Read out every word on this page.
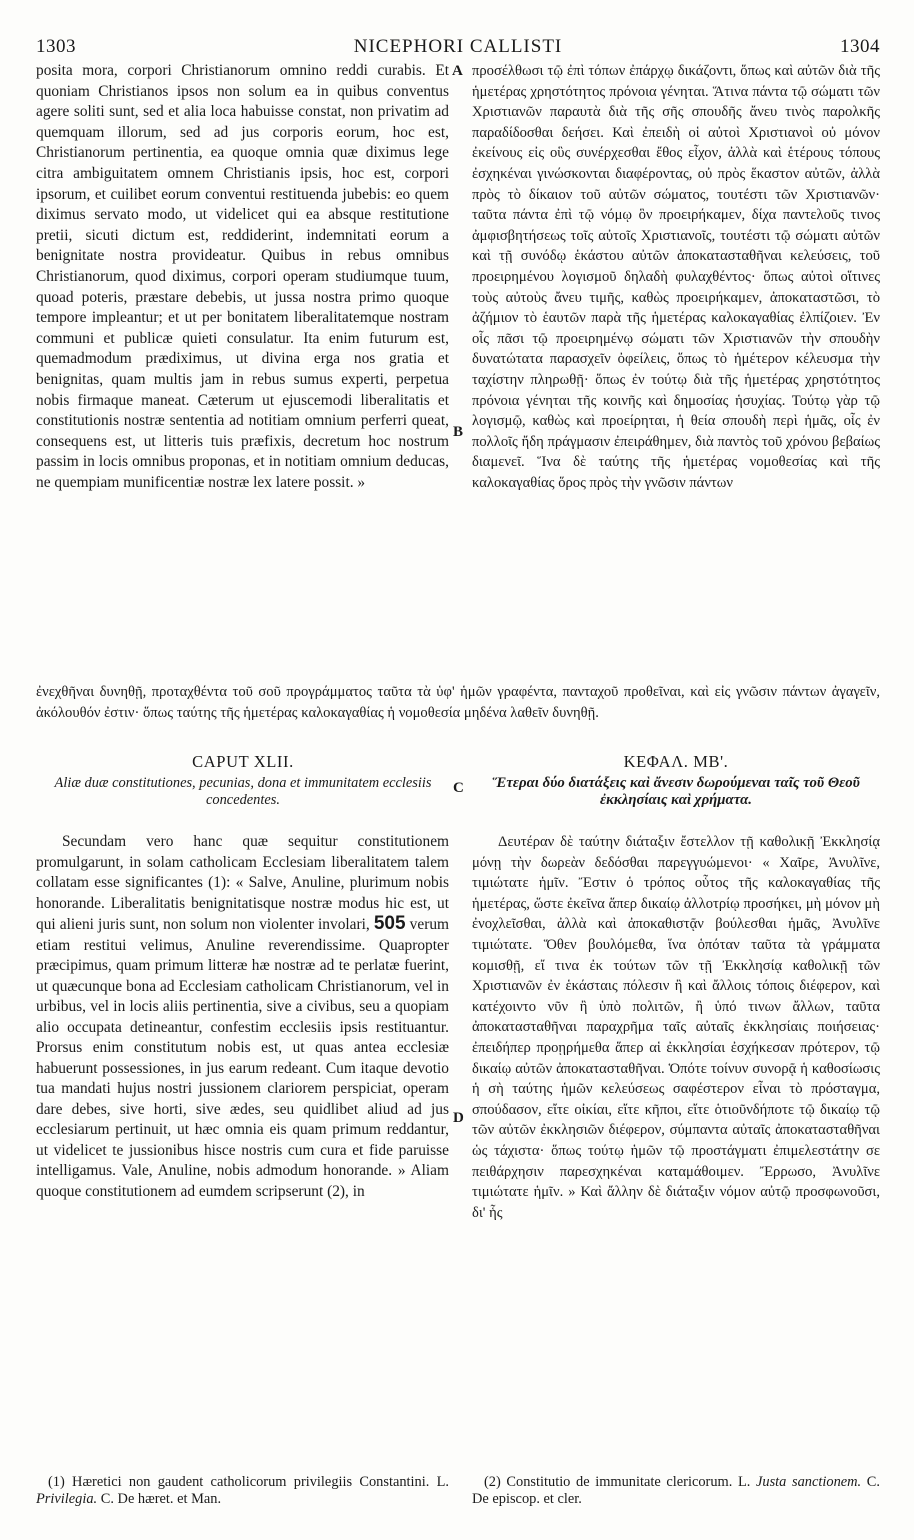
1303	NICEPHORI CALLISTI	1304

posita mora, corpori Christianorum omnino reddi curabis. Et quoniam Christianos ipsos non solum ea in quibus conventus agere soliti sunt, sed et alia loca habuisse constat, non privatim ad quemquam illorum, sed ad jus corporis eorum, hoc est, Christianorum pertinentia, ea quoque omnia quæ diximus lege citra ambiguitatem omnem Christianis ipsis, hoc est, corpori ipsorum, et cuilibet eorum conventui restituenda jubebis: eo quem diximus servato modo, ut videlicet qui ea absque restitutione pretii, sicuti dictum est, reddiderint, indemnitati eorum a benignitate nostra provideatur. Quibus in rebus omnibus Christianorum, quod diximus, corpori operam studiumque tuum, quoad poteris, præstare debebis, ut jussa nostra primo quoque tempore impleantur; et ut per bonitatem liberalitatemque nostram communi et publicæ quieti consulatur. Ita enim futurum est, quemadmodum prædiximus, ut divina erga nos gratia et benignitas, quam multis jam in rebus sumus experti, perpetua nobis firmaque maneat. Cæterum ut ejuscemodi liberalitatis et constitutionis nostræ sententia ad notitiam omnium perferri queat, consequens est, ut litteris tuis præfixis, decretum hoc nostrum passim in locis omnibus proponas, et in notitiam omnium deducas, ne quempiam munificentiæ nostræ lex latere possit. »

A
B
C
D

προσέλθωσι τῷ ἐπὶ τόπων ἐπάρχῳ δικάζοντι, ὅπως καὶ αὐτῶν διὰ τῆς ἡμετέρας χρηστότητος πρόνοια γένηται. Ἅτινα πάντα τῷ σώματι τῶν Χριστιανῶν παραυτὰ διὰ τῆς σῆς σπουδῆς ἄνευ τινὸς παρολκῆς παραδίδοσθαι δεήσει. Καὶ ἐπειδὴ οἱ αὐτοὶ Χριστιανοὶ οὐ μόνον ἐκείνους εἰς οὓς συνέρχεσθαι ἔθος εἶχον, ἀλλὰ καὶ ἑτέρους τόπους ἐσχηκέναι γινώσκονται διαφέροντας, οὐ πρὸς ἕκαστον αὐτῶν, ἀλλὰ πρὸς τὸ δίκαιον τοῦ αὐτῶν σώματος, τουτέστι τῶν Χριστιανῶν· ταῦτα πάντα ἐπὶ τῷ νόμῳ ὃν προειρήκαμεν, δίχα παντελοῦς τινος ἀμφισβητήσεως τοῖς αὐτοῖς Χριστιανοῖς, τουτέστι τῷ σώματι αὐτῶν καὶ τῇ συνόδῳ ἑκάστου αὐτῶν ἀποκατασταθῆναι κελεύσεις, τοῦ προειρημένου λογισμοῦ δηλαδὴ φυλαχθέντος· ὅπως αὐτοὶ οἵτινες τοὺς αὐτοὺς ἄνευ τιμῆς, καθὼς προειρήκαμεν, ἀποκαταστῶσι, τὸ ἀζήμιον τὸ ἑαυτῶν παρὰ τῆς ἡμετέρας καλοκαγαθίας ἐλπίζοιεν. Ἐν οἷς πᾶσι τῷ προειρημένῳ σώματι τῶν Χριστιανῶν τὴν σπουδὴν δυνατώτατα παρασχεῖν ὀφείλεις, ὅπως τὸ ἡμέτερον κέλευσμα τὴν ταχίστην πληρωθῇ· ὅπως ἐν τούτῳ διὰ τῆς ἡμετέρας χρηστότητος πρόνοια γένηται τῆς κοινῆς καὶ δημοσίας ἡσυχίας. Τούτῳ γὰρ τῷ λογισμῷ, καθὼς καὶ προείρηται, ἡ θεία σπουδὴ περὶ ἡμᾶς, οἷς ἐν πολλοῖς ἤδη πράγμασιν ἐπειράθημεν, διὰ παντὸς τοῦ χρόνου βεβαίως διαμενεῖ. Ἵνα δὲ ταύτης τῆς ἡμετέρας νομοθεσίας καὶ τῆς καλοκαγαθίας ὅρος πρὸς τὴν γνῶσιν πάντων

ἐνεχθῆναι δυνηθῇ, προταχθέντα τοῦ σοῦ προγράμματος ταῦτα τὰ ὑφ' ἡμῶν γραφέντα, πανταχοῦ προθεῖναι, καὶ εἰς γνῶσιν πάντων ἀγαγεῖν, ἀκόλουθόν ἐστιν· ὅπως ταύτης τῆς ἡμετέρας καλοκαγαθίας ἡ νομοθεσία μηδένα λαθεῖν δυνηθῇ.

CAPUT XLII.
Aliæ duæ constitutiones, pecunias, dona et immunitatem ecclesiis concedentes.
ΚΕΦΑΛ. ΜΒ'.
Ἕτεραι δύο διατάξεις καὶ ἄνεσιν δωρούμεναι ταῖς τοῦ Θεοῦ ἐκκλησίαις καὶ χρήματα.

Secundam vero hanc quæ sequitur constitutionem promulgarunt, in solam catholicam Ecclesiam liberalitatem talem collatam esse significantes (1): « Salve, Anuline, plurimum nobis honorande. Liberalitatis benignitatisque nostræ modus hic est, ut qui alieni juris sunt, non solum non violenter involari, 505 verum etiam restitui velimus, Anuline reverendissime. Quapropter præcipimus, quam primum litteræ hæ nostræ ad te perlatæ fuerint, ut quæcunque bona ad Ecclesiam catholicam Christianorum, vel in urbibus, vel in locis aliis pertinentia, sive a civibus, seu a quopiam alio occupata detineantur, confestim ecclesiis ipsis restituantur. Prorsus enim constitutum nobis est, ut quas antea ecclesiæ habuerunt possessiones, in jus earum redeant. Cum itaque devotio tua mandati hujus nostri jussionem clariorem perspiciat, operam dare debes, sive horti, sive ædes, seu quidlibet aliud ad jus ecclesiarum pertinuit, ut hæc omnia eis quam primum reddantur, ut videlicet te jussionibus hisce nostris cum cura et fide paruisse intelligamus. Vale, Anuline, nobis admodum honorande. » Aliam quoque constitutionem ad eumdem scripserunt (2), in

Δευτέραν δὲ ταύτην διάταξιν ἔστελλον τῇ καθολικῇ Ἐκκλησίᾳ μόνῃ τὴν δωρεὰν δεδόσθαι παρεγγυώμενοι· « Χαῖρε, Ἀνυλῖνε, τιμιώτατε ἡμῖν. Ἔστιν ὁ τρόπος οὗτος τῆς καλοκαγαθίας τῆς ἡμετέρας, ὥστε ἐκεῖνα ἅπερ δικαίῳ ἀλλοτρίῳ προσήκει, μὴ μόνον μὴ ἐνοχλεῖσθαι, ἀλλὰ καὶ ἀποκαθιστᾷν βούλεσθαι ἡμᾶς, Ἀνυλῖνε τιμιώτατε. Ὅθεν βουλόμεθα, ἵνα ὁπόταν ταῦτα τὰ γράμματα κομισθῇ, εἴ τινα ἐκ τούτων τῶν τῇ Ἐκκλησίᾳ καθολικῇ τῶν Χριστιανῶν ἐν ἑκάσταις πόλεσιν ἢ καὶ ἄλλοις τόποις διέφερον, καὶ κατέχοιντο νῦν ἢ ὑπὸ πολιτῶν, ἢ ὑπό τινων ἄλλων, ταῦτα ἀποκατασταθῆναι παραχρῆμα ταῖς αὐταῖς ἐκκλησίαις ποιήσειας· ἐπειδήπερ προῃρήμεθα ἅπερ αἱ ἐκκλησίαι ἐσχήκεσαν πρότερον, τῷ δικαίῳ αὐτῶν ἀποκατασταθῆναι. Ὁπότε τοίνυν συνορᾷ ἡ καθοσίωσις ἡ σὴ ταύτης ἡμῶν κελεύσεως σαφέστερον εἶναι τὸ πρόσταγμα, σπούδασον, εἴτε οἰκίαι, εἴτε κῆποι, εἴτε ὁτιοῦνδήποτε τῷ δικαίῳ τῷ τῶν αὐτῶν ἐκκλησιῶν διέφερον, σύμπαντα αὐταῖς ἀποκατασταθῆναι ὡς τάχιστα· ὅπως τούτῳ ἡμῶν τῷ προστάγματι ἐπιμελεστάτην σε πειθάρχησιν παρεσχηκέναι καταμάθοιμεν. Ἔρρωσο, Ἀνυλῖνε τιμιώτατε ἡμῖν. » Καὶ ἄλλην δὲ διάταξιν νόμον αὐτῷ προσφωνοῦσι, δι' ἧς

(1) Hæretici non gaudent catholicorum privilegiis Constantini. L. Privilegia. C. De hæret. et Man.
(2) Constitutio de immunitate clericorum. L. Justa sanctionem. C. De episcop. et cler.
